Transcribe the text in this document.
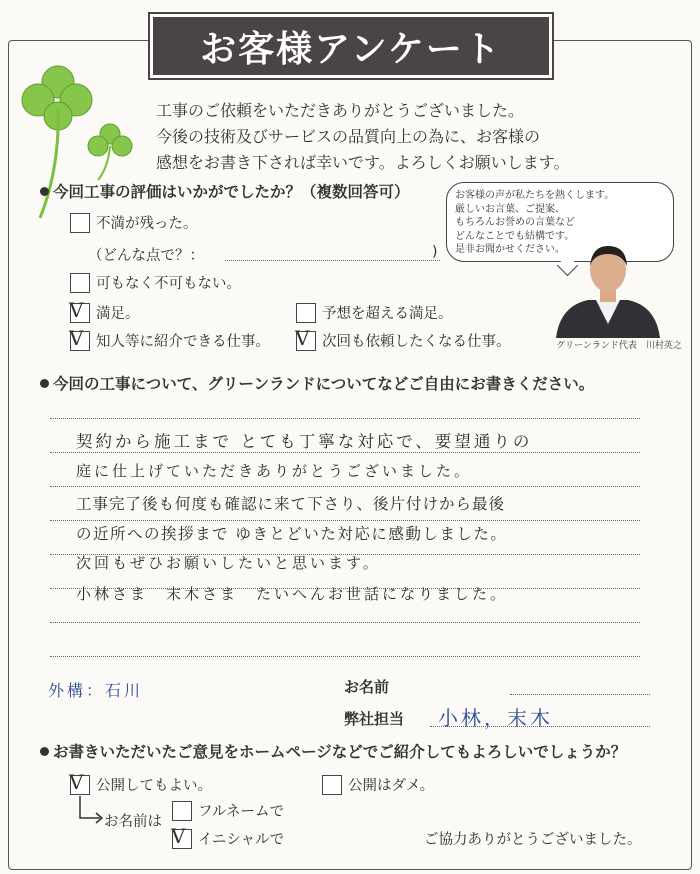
お客様アンケート
工事のご依頼をいただきありがとうございました。
今後の技術及びサービスの品質向上の為に、お客様の
感想をお書き下されば幸いです。よろしくお願いします。
今回工事の評価はいかがでしたか？（複数回答可）
不満が残った。
（どんな点で？：	)
可もなく不可もない。
V 満足。	予想を超える満足。
V 知人等に紹介できる仕事。 V 次回も依頼したくなる仕事。
お客様の声が私たちを熱くします。
厳しいお言葉、ご提案、
もちろんお誉めの言葉など
どんなことでも結構です。
是非お聞かせください。
グリーンランド代表　川村英之
今回の工事について、グリーンランドについてなどご自由にお書きください。
契約から施工まで とても丁寧な対応で、要望通りの
庭に仕上げていただきありがとうございました。
工事完了後も何度も確認に来て下さり、後片付けから最後
の近所への挨拶まで ゆきとどいた対応に感動しました。
次回もぜひお願いしたいと思います。
小林さま　末木さま　たいへんお世話になりました。
外構：石川	お名前
弊社担当 小林，末木
お書きいただいたご意見をホームページなどでご紹介してもよろしいでしょうか？
V 公開してもよい。	公開はダメ。
お名前は
フルネームで
V イニシャルで	ご協力ありがとうございました。
